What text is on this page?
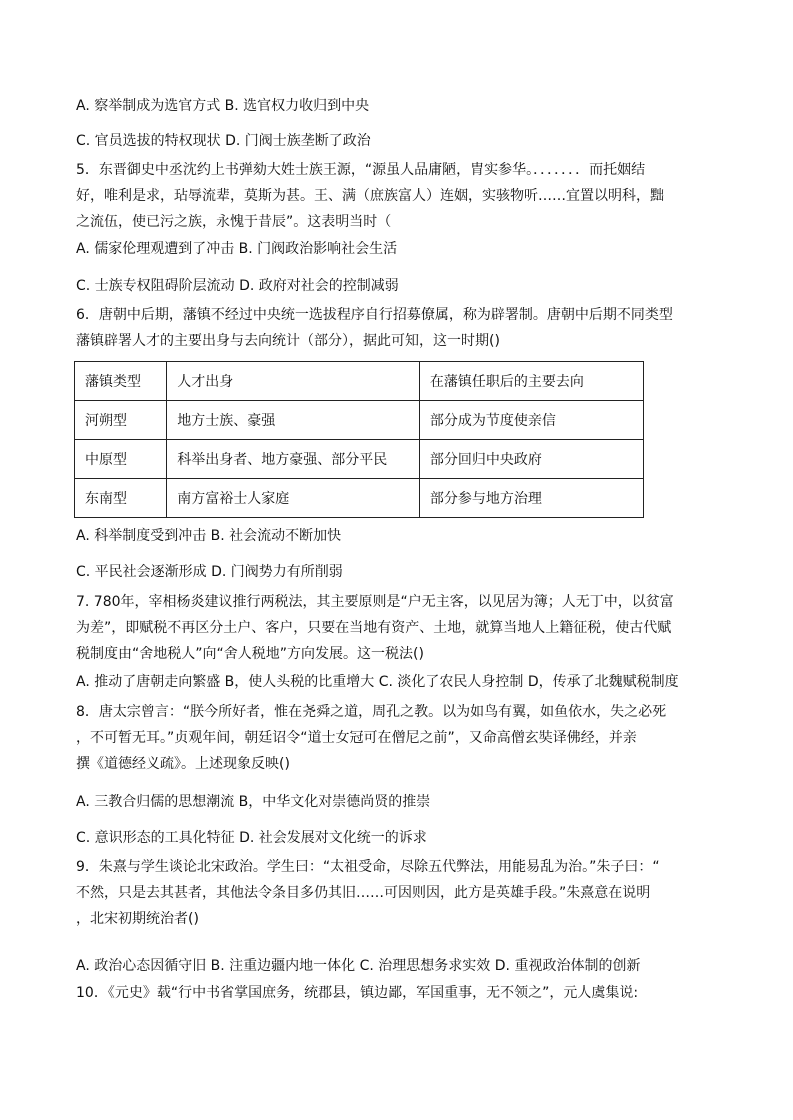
A. 察举制成为选官方式 B. 选官权力收归到中央
C. 官员选拔的特权现状 D. 门阀士族垄断了政治
5．东晋御史中丞沈约上书弹劾大姓士族王源，“源虽人品庸陋，胄实参华。．．．．．．．而托姻结
好，唯利是求，玷辱流辈，莫斯为甚。王、满（庶族富人）连姻，实骇物听……宜置以明科，黜
之流伍，使已污之族，永愧于昔辰”。这表明当时（
A. 儒家伦理观遭到了冲击 B. 门阀政治影响社会生活
C. 士族专权阻碍阶层流动 D. 政府对社会的控制减弱
6．唐朝中后期，藩镇不经过中央统一选拔程序自行招募僚属，称为辟署制。唐朝中后期不同类型
藩镇辟署人才的主要出身与去向统计（部分），据此可知，这一时期()
藩镇类型	人才出身	在藩镇任职后的主要去向
河朔型	地方士族、豪强	部分成为节度使亲信
中原型	科举出身者、地方豪强、部分平民	部分回归中央政府
东南型	南方富裕士人家庭	部分参与地方治理
A. 科举制度受到冲击 B. 社会流动不断加快
C. 平民社会逐渐形成 D. 门阀势力有所削弱
7. 780年，宰相杨炎建议推行两税法，其主要原则是“户无主客，以见居为簿；人无丁中，以贫富
为差”，即赋税不再区分土户、客户，只要在当地有资产、土地，就算当地人上籍征税，使古代赋
税制度由“舍地税人”向“舍人税地”方向发展。这一税法()
A. 推动了唐朝走向繁盛 B，使人头税的比重增大 C. 淡化了农民人身控制 D，传承了北魏赋税制度
8．唐太宗曾言：“朕今所好者，惟在尧舜之道，周孔之教。以为如鸟有翼，如鱼依水，失之必死
，不可暂无耳。”贞观年间，朝廷诏令“道士女冠可在僧尼之前”，又命高僧玄奘译佛经，并亲
撰《道德经义疏》。上述现象反映()
A. 三教合归儒的思想潮流 B，中华文化对崇德尚贤的推崇
C. 意识形态的工具化特征 D. 社会发展对文化统一的诉求
9．朱熹与学生谈论北宋政治。学生曰：“太祖受命，尽除五代弊法，用能易乱为治。”朱子曰：“
不然，只是去其甚者，其他法令条目多仍其旧……可因则因，此方是英雄手段。”朱熹意在说明
，北宋初期统治者()
A. 政治心态因循守旧 B. 注重边疆内地一体化 C. 治理思想务求实效 D. 重视政治体制的创新
10．《元史》载“行中书省掌国庶务，统郡县，镇边鄙，军国重事，无不领之”，元人虞集说:
